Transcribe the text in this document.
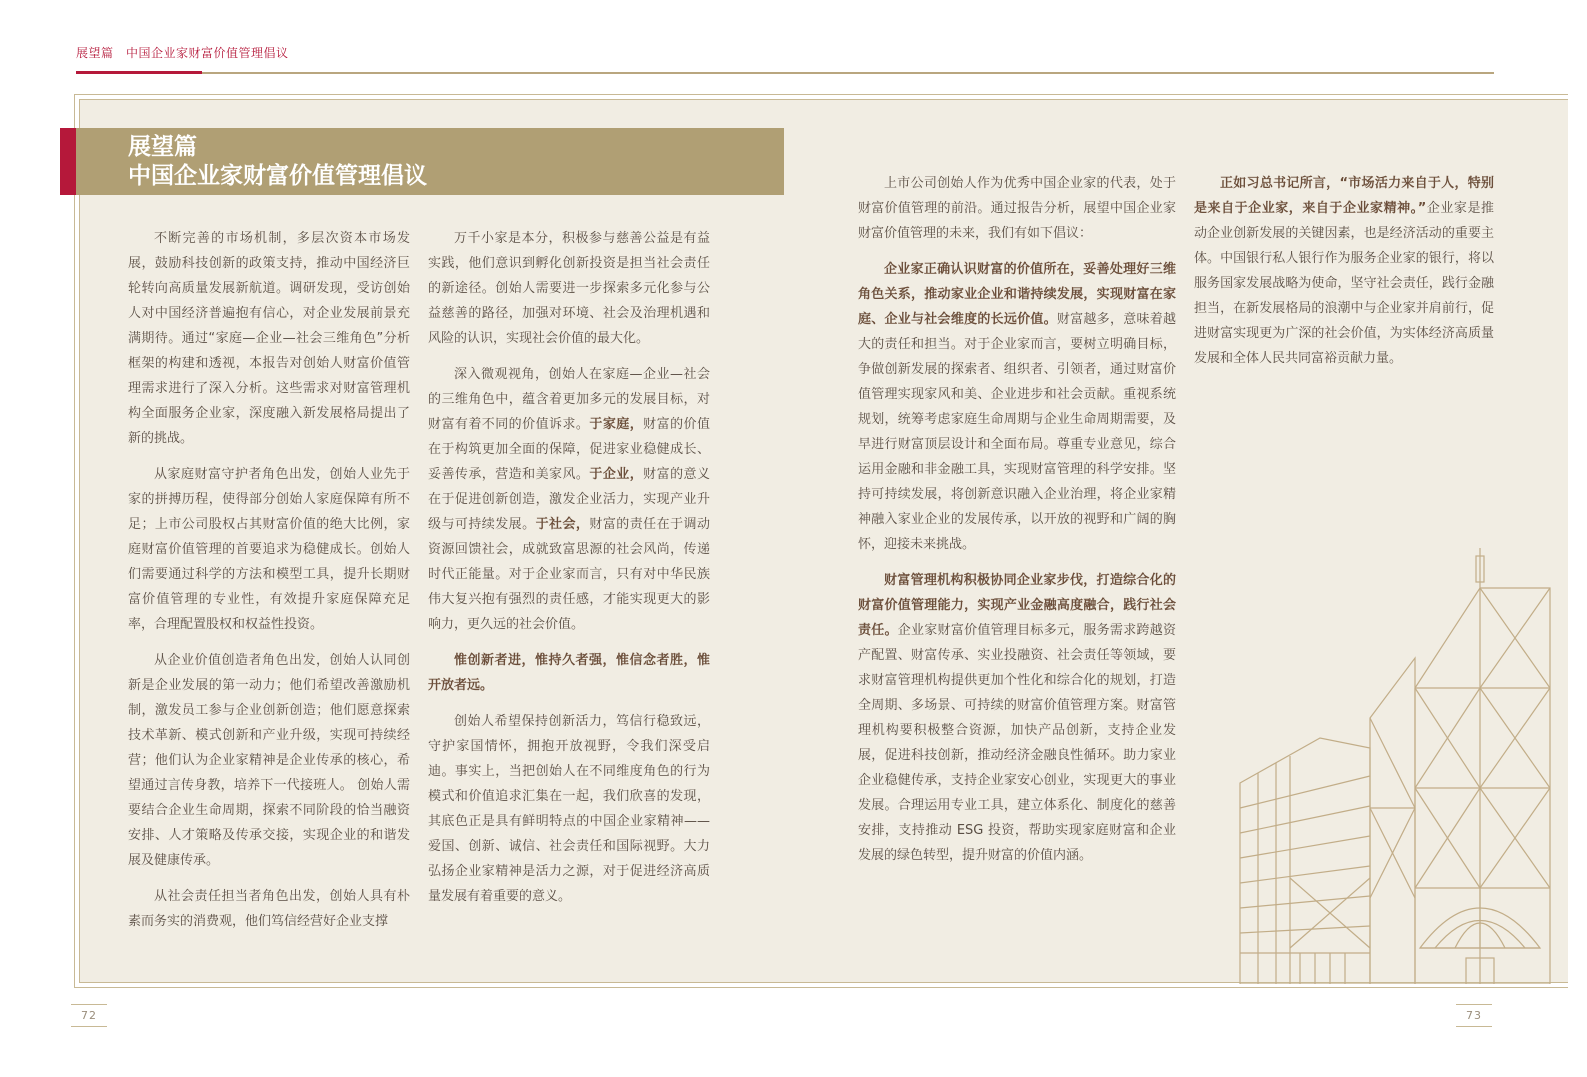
展望篇　中国企业家财富价值管理倡议
展望篇
中国企业家财富价值管理倡议

不断完善的市场机制，多层次资本市场发展，鼓励科技创新的政策支持，推动中国经济巨轮转向高质量发展新航道。调研发现，受访创始人对中国经济普遍抱有信心，对企业发展前景充满期待。通过“家庭—企业—社会三维角色”分析框架的构建和透视，本报告对创始人财富价值管理需求进行了深入分析。这些需求对财富管理机构全面服务企业家，深度融入新发展格局提出了新的挑战。

从家庭财富守护者角色出发，创始人业先于家的拼搏历程，使得部分创始人家庭保障有所不足；上市公司股权占其财富价值的绝大比例，家庭财富价值管理的首要追求为稳健成长。创始人们需要通过科学的方法和模型工具，提升长期财富价值管理的专业性，有效提升家庭保障充足率，合理配置股权和权益性投资。

从企业价值创造者角色出发，创始人认同创新是企业发展的第一动力；他们希望改善激励机制，激发员工参与企业创新创造；他们愿意探索技术革新、模式创新和产业升级，实现可持续经营；他们认为企业家精神是企业传承的核心，希望通过言传身教，培养下一代接班人。 创始人需要结合企业生命周期，探索不同阶段的恰当融资安排、人才策略及传承交接，实现企业的和谐发展及健康传承。

从社会责任担当者角色出发，创始人具有朴素而务实的消费观，他们笃信经营好企业支撑

万千小家是本分，积极参与慈善公益是有益实践，他们意识到孵化创新投资是担当社会责任的新途径。创始人需要进一步探索多元化参与公益慈善的路径，加强对环境、社会及治理机遇和风险的认识，实现社会价值的最大化。

深入微观视角，创始人在家庭—企业—社会的三维角色中，蕴含着更加多元的发展目标，对财富有着不同的价值诉求。于家庭，财富的价值在于构筑更加全面的保障，促进家业稳健成长、妥善传承，营造和美家风。于企业，财富的意义在于促进创新创造，激发企业活力，实现产业升级与可持续发展。于社会，财富的责任在于调动资源回馈社会，成就致富思源的社会风尚，传递时代正能量。对于企业家而言，只有对中华民族伟大复兴抱有强烈的责任感，才能实现更大的影响力，更久远的社会价值。

惟创新者进，惟持久者强，惟信念者胜，惟开放者远。

创始人希望保持创新活力，笃信行稳致远，守护家国情怀，拥抱开放视野，令我们深受启迪。事实上，当把创始人在不同维度角色的行为模式和价值追求汇集在一起，我们欣喜的发现，其底色正是具有鲜明特点的中国企业家精神——爱国、创新、诚信、社会责任和国际视野。大力弘扬企业家精神是活力之源，对于促进经济高质量发展有着重要的意义。

上市公司创始人作为优秀中国企业家的代表，处于财富价值管理的前沿。通过报告分析，展望中国企业家财富价值管理的未来，我们有如下倡议：

企业家正确认识财富的价值所在，妥善处理好三维角色关系，推动家业企业和谐持续发展，实现财富在家庭、企业与社会维度的长远价值。财富越多，意味着越大的责任和担当。对于企业家而言，要树立明确目标，争做创新发展的探索者、组织者、引领者，通过财富价值管理实现家风和美、企业进步和社会贡献。重视系统规划，统筹考虑家庭生命周期与企业生命周期需要，及早进行财富顶层设计和全面布局。尊重专业意见，综合运用金融和非金融工具，实现财富管理的科学安排。坚持可持续发展，将创新意识融入企业治理，将企业家精神融入家业企业的发展传承，以开放的视野和广阔的胸怀，迎接未来挑战。

财富管理机构积极协同企业家步伐，打造综合化的财富价值管理能力，实现产业金融高度融合，践行社会责任。企业家财富价值管理目标多元，服务需求跨越资产配置、财富传承、实业投融资、社会责任等领域，要求财富管理机构提供更加个性化和综合化的规划，打造全周期、多场景、可持续的财富价值管理方案。财富管理机构要积极整合资源，加快产品创新，支持企业发展，促进科技创新，推动经济金融良性循环。助力家业企业稳健传承，支持企业家安心创业，实现更大的事业发展。合理运用专业工具，建立体系化、制度化的慈善安排，支持推动 ESG 投资，帮助实现家庭财富和企业发展的绿色转型，提升财富的价值内涵。

正如习总书记所言，“市场活力来自于人，特别是来自于企业家，来自于企业家精神。”企业家是推动企业创新发展的关键因素，也是经济活动的重要主体。中国银行私人银行作为服务企业家的银行，将以服务国家发展战略为使命，坚守社会责任，践行金融担当，在新发展格局的浪潮中与企业家并肩前行，促进财富实现更为广深的社会价值，为实体经济高质量发展和全体人民共同富裕贡献力量。

72	73
